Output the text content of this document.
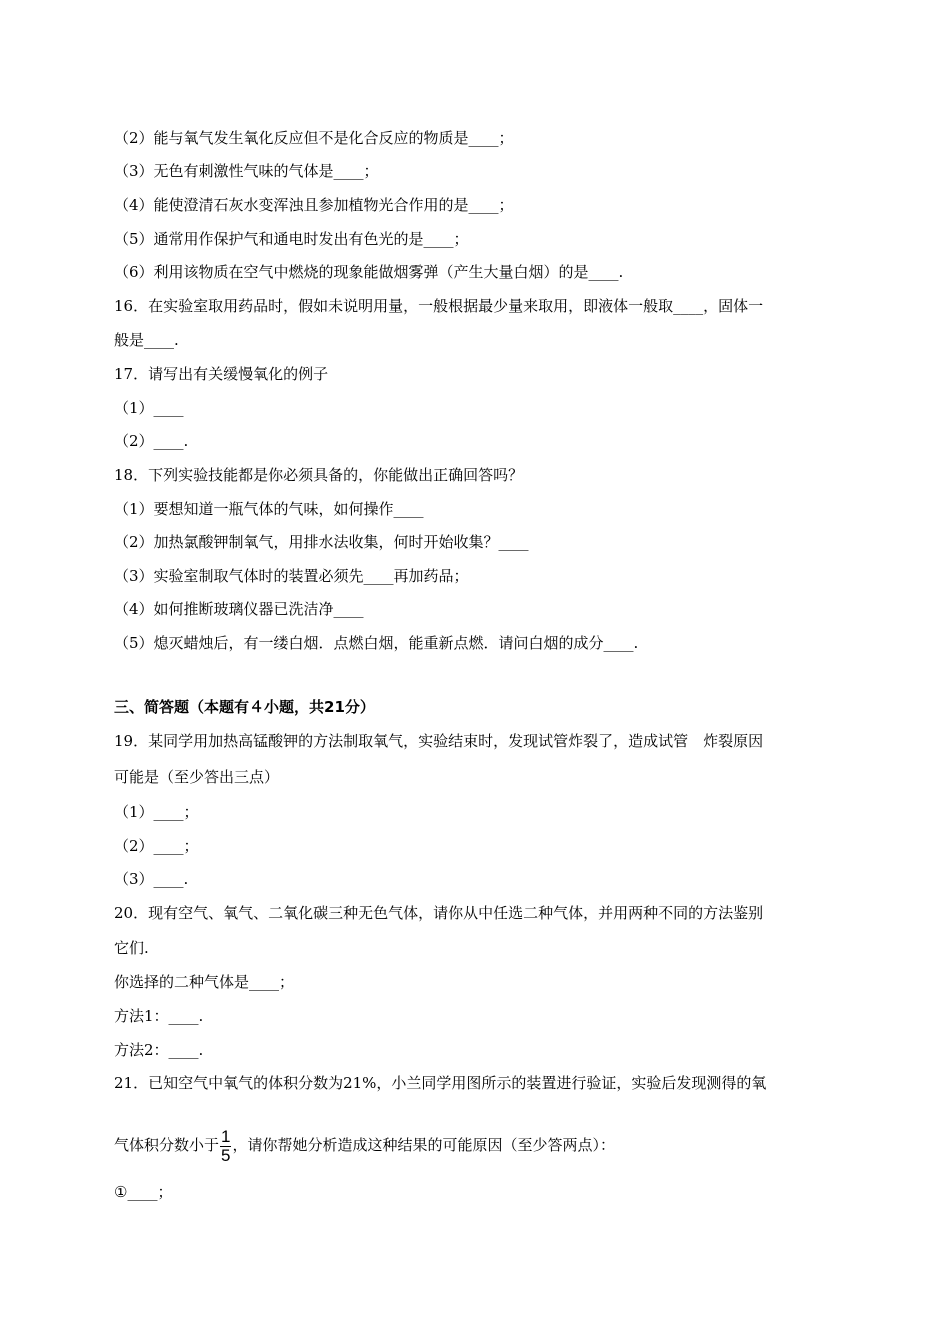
（2）能与氧气发生氧化反应但不是化合反应的物质是____；
（3）无色有刺激性气味的气体是____；
（4）能使澄清石灰水变浑浊且参加植物光合作用的是____；
（5）通常用作保护气和通电时发出有色光的是____；
（6）利用该物质在空气中燃烧的现象能做烟雾弹（产生大量白烟）的是____.
16．在实验室取用药品时，假如未说明用量，一般根据最少量来取用，即液体一般取____，固体一
般是____.
17．请写出有关缓慢氧化的例子
（1）____
（2）____.
18．下列实验技能都是你必须具备的，你能做出正确回答吗？
（1）要想知道一瓶气体的气味，如何操作____
（2）加热氯酸钾制氧气，用排水法收集，何时开始收集？____
（3）实验室制取气体时的装置必须先____再加药品；
（4）如何推断玻璃仪器已洗洁净____
（5）熄灭蜡烛后，有一缕白烟．点燃白烟，能重新点燃．请问白烟的成分____.
三、简答题（本题有４小题，共21分）
19．某同学用加热高锰酸钾的方法制取氧气，实验结束时，发现试管炸裂了，造成试管　炸裂原因
可能是（至少答出三点）
（1）____；
（2）____；
（3）____.
20．现有空气、氧气、二氧化碳三种无色气体，请你从中任选二种气体，并用两种不同的方法鉴别
它们.
你选择的二种气体是____；
方法1：____.
方法2：____.
21．已知空气中氧气的体积分数为21%，小兰同学用图所示的装置进行验证，实验后发现测得的氧
气体积分数小于 $\frac{1}{5}$ ，请你帮她分析造成这种结果的可能原因（至少答两点）：
①____；
